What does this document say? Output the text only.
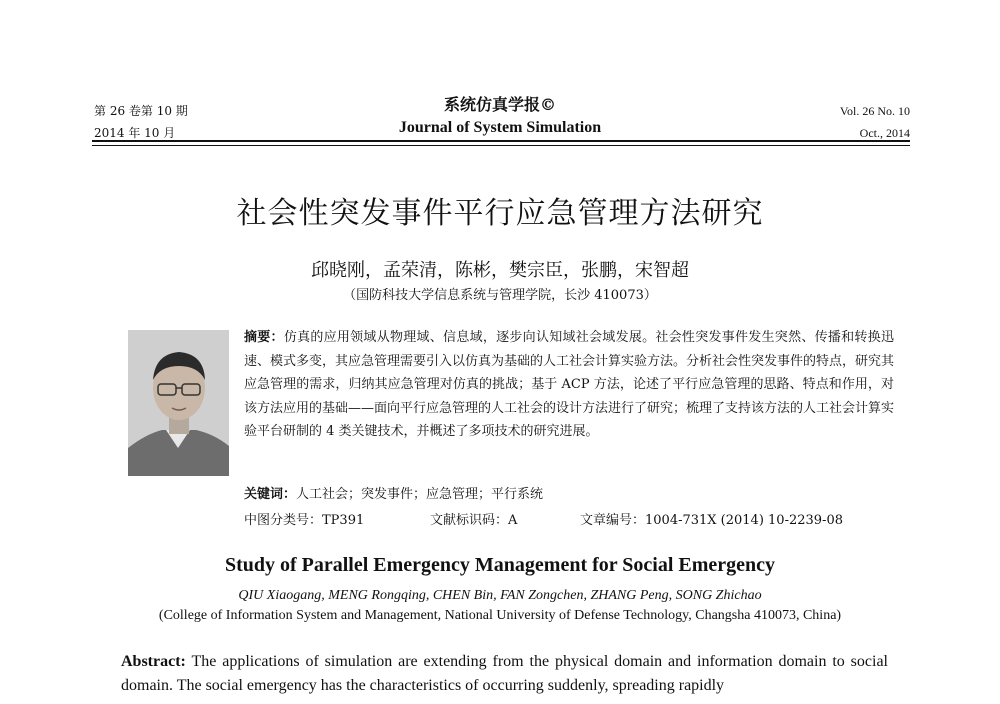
第 26 卷第 10 期
2014 年 10 月
系统仿真学报©
Journal of System Simulation
Vol. 26 No. 10
Oct., 2014
社会性突发事件平行应急管理方法研究
邱晓刚，孟荣清，陈彬，樊宗臣，张鹏，宋智超
（国防科技大学信息系统与管理学院，长沙 410073）
摘要：仿真的应用领域从物理域、信息域，逐步向认知域社会域发展。社会性突发事件发生突然、传播和转换迅速、模式多变，其应急管理需要引入以仿真为基础的人工社会计算实验方法。分析社会性突发事件的特点，研究其应急管理的需求，归纳其应急管理对仿真的挑战；基于 ACP 方法，论述了平行应急管理的思路、特点和作用，对该方法应用的基础——面向平行应急管理的人工社会的设计方法进行了研究；梳理了支持该方法的人工社会计算实验平台研制的 4 类关键技术，并概述了多项技术的研究进展。
关键词：人工社会；突发事件；应急管理；平行系统
中图分类号：TP391	文献标识码：A	文章编号：1004-731X (2014) 10-2239-08
Study of Parallel Emergency Management for Social Emergency
QIU Xiaogang, MENG Rongqing, CHEN Bin, FAN Zongchen, ZHANG Peng, SONG Zhichao
(College of Information System and Management, National University of Defense Technology, Changsha 410073, China)
Abstract: The applications of simulation are extending from the physical domain and information domain to social domain. The social emergency has the characteristics of occurring suddenly, spreading rapidly
